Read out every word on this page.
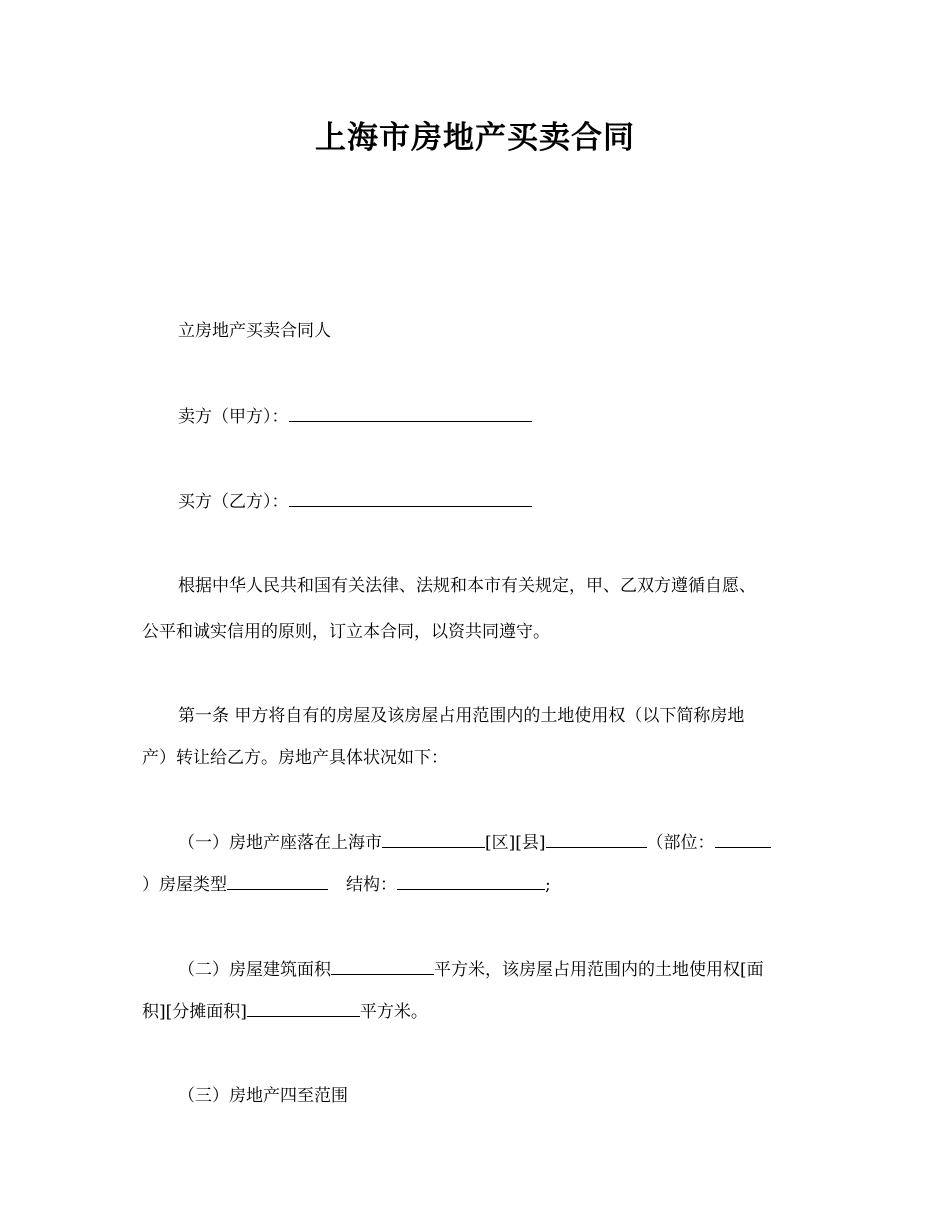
上海市房地产买卖合同
立房地产买卖合同人
卖方（甲方）：
买方（乙方）：
根据中华人民共和国有关法律、法规和本市有关规定，甲、乙双方遵循自愿、
公平和诚实信用的原则，订立本合同，以资共同遵守。
第一条 甲方将自有的房屋及该房屋占用范围内的土地使用权（以下简称房地
产）转让给乙方。房地产具体状况如下：
（一）房地产座落在上海市	[区][县]	（部位：
）房屋类型	结构：	;
（二）房屋建筑面积	平方米，该房屋占用范围内的土地使用权[面
积][分摊面积]	平方米。
（三）房地产四至范围
